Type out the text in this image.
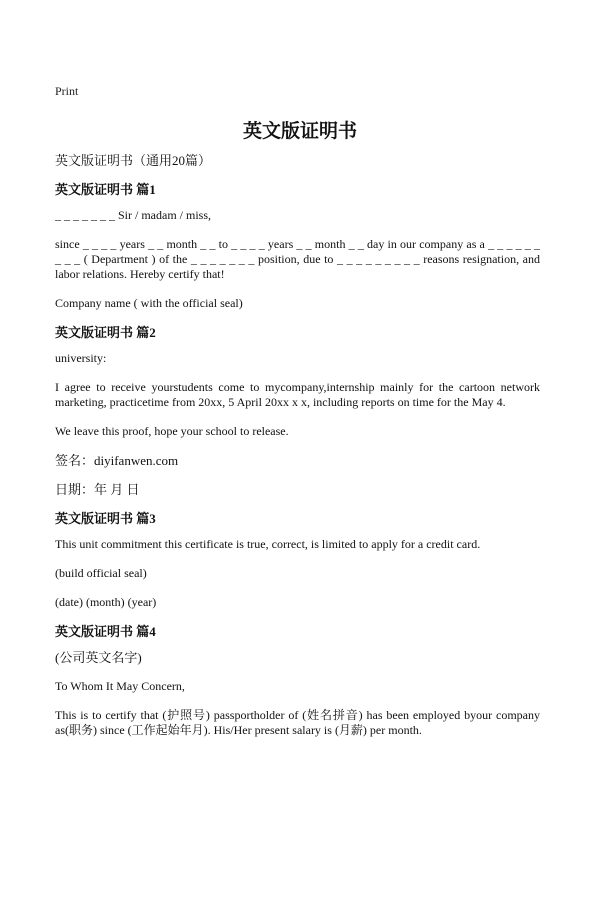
Print
英文版证明书

英文版证明书（通用20篇）

英文版证明书 篇1

_ _ _ _ _ _ _ Sir / madam / miss,

since _ _ _ _ years _ _ month _ _ to _ _ _ _ years _ _ month _ _ day in our company as a _ _ _ _ _ _ _ _ _ ( Department ) of the _ _ _ _ _ _ _ position, due to _ _ _ _ _ _ _ _ _ reasons resignation, and labor relations. Hereby certify that!

Company name ( with the official seal)

英文版证明书 篇2

university:

I agree to receive yourstudents come to mycompany,internship mainly for the cartoon network marketing, practicetime from 20xx, 5 April 20xx x x, including reports on time for the May 4.

We leave this proof, hope your school to release.

签名：diyifanwen.com

日期：年 月 日

英文版证明书 篇3

This unit commitment this certificate is true, correct, is limited to apply for a credit card.

(build official seal)

(date) (month) (year)

英文版证明书 篇4

(公司英文名字)

To Whom It May Concern,

This is to certify that (护照号) passportholder of (姓名拼音) has been employed byour company as(职务) since (工作起始年月). His/Her present salary is (月薪) per month.
